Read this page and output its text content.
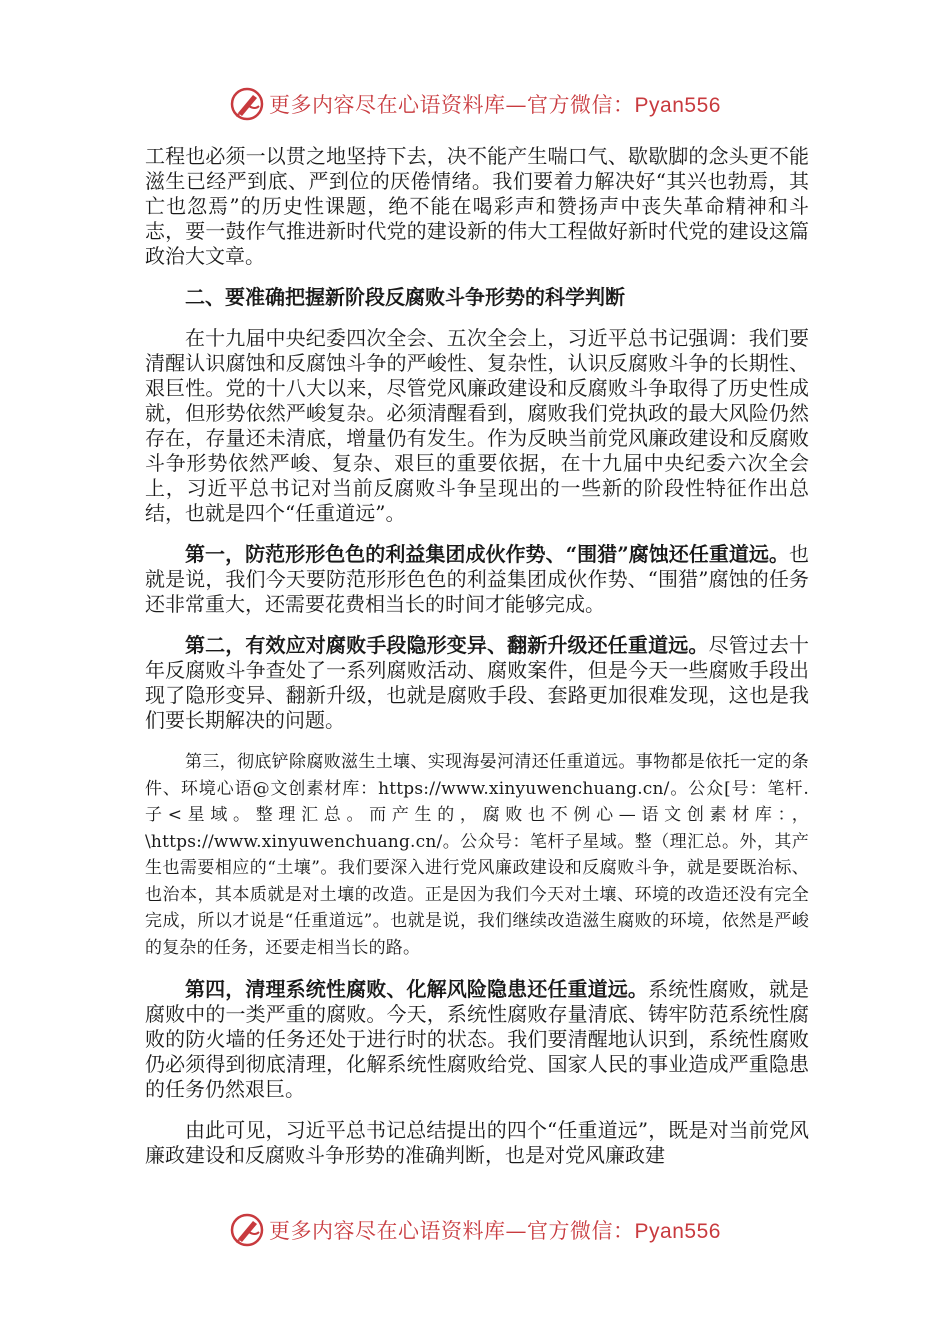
更多内容尽在心语资料库—官方微信：Pyan556

工程也必须一以贯之地坚持下去，决不能产生喘口气、歇歇脚的念头更不能滋生已经严到底、严到位的厌倦情绪。我们要着力解决好“其兴也勃焉，其亡也忽焉”的历史性课题，绝不能在喝彩声和赞扬声中丧失革命精神和斗志，要一鼓作气推进新时代党的建设新的伟大工程做好新时代党的建设这篇政治大文章。

二、要准确把握新阶段反腐败斗争形势的科学判断

在十九届中央纪委四次全会、五次全会上，习近平总书记强调：我们要清醒认识腐蚀和反腐蚀斗争的严峻性、复杂性，认识反腐败斗争的长期性、艰巨性。党的十八大以来，尽管党风廉政建设和反腐败斗争取得了历史性成就，但形势依然严峻复杂。必须清醒看到，腐败我们党执政的最大风险仍然存在，存量还未清底，增量仍有发生。作为反映当前党风廉政建设和反腐败斗争形势依然严峻、复杂、艰巨的重要依据，在十九届中央纪委六次全会上，习近平总书记对当前反腐败斗争呈现出的一些新的阶段性特征作出总结，也就是四个“任重道远”。

第一，防范形形色色的利益集团成伙作势、“围猎”腐蚀还任重道远。也就是说，我们今天要防范形形色色的利益集团成伙作势、“围猎”腐蚀的任务还非常重大，还需要花费相当长的时间才能够完成。

第二，有效应对腐败手段隐形变异、翻新升级还任重道远。尽管过去十年反腐败斗争查处了一系列腐败活动、腐败案件，但是今天一些腐败手段出现了隐形变异、翻新升级，也就是腐败手段、套路更加很难发现，这也是我们要长期解决的问题。

第三，彻底铲除腐败滋生土壤、实现海晏河清还任重道远。事物都是依托一定的条件、环境心语@文创素材库：https://www.xinyuwenchuang.cn/。公众[号：笔杆.子<星域。整理汇总。而产生的，腐败也不例心—语文创素材库：，\https://www.xinyuwenchuang.cn/。公众号：笔杆子星域。整（理汇总。外，其产生也需要相应的“土壤”。我们要深入进行党风廉政建设和反腐败斗争，就是要既治标、也治本，其本质就是对土壤的改造。正是因为我们今天对土壤、环境的改造还没有完全完成，所以才说是“任重道远”。也就是说，我们继续改造滋生腐败的环境，依然是严峻的复杂的任务，还要走相当长的路。

第四，清理系统性腐败、化解风险隐患还任重道远。系统性腐败，就是腐败中的一类严重的腐败。今天，系统性腐败存量清底、铸牢防范系统性腐败的防火墙的任务还处于进行时的状态。我们要清醒地认识到，系统性腐败仍必须得到彻底清理，化解系统性腐败给党、国家人民的事业造成严重隐患的任务仍然艰巨。

由此可见，习近平总书记总结提出的四个“任重道远”，既是对当前党风廉政建设和反腐败斗争形势的准确判断，也是对党风廉政建

更多内容尽在心语资料库—官方微信：Pyan556
